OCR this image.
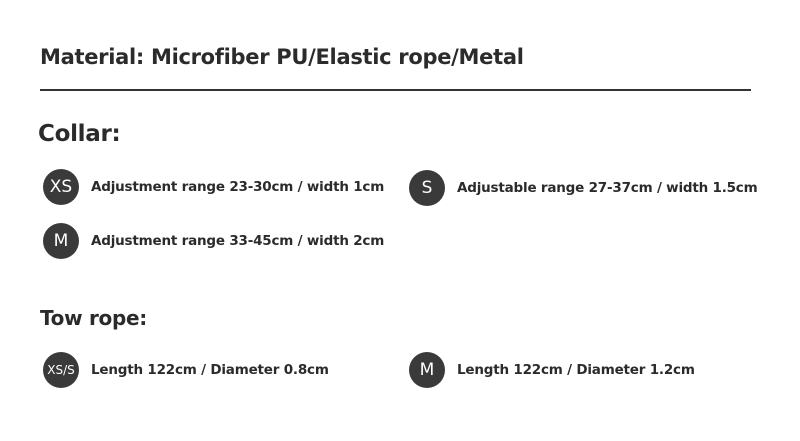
Material: Microfiber PU/Elastic rope/Metal
Collar:
XS	Adjustment range 23-30cm / width 1cm	S	Adjustable range 27-37cm / width 1.5cm
M	Adjustment range 33-45cm / width 2cm
Tow rope:
XS/S	Length 122cm / Diameter 0.8cm	M	Length 122cm / Diameter 1.2cm
